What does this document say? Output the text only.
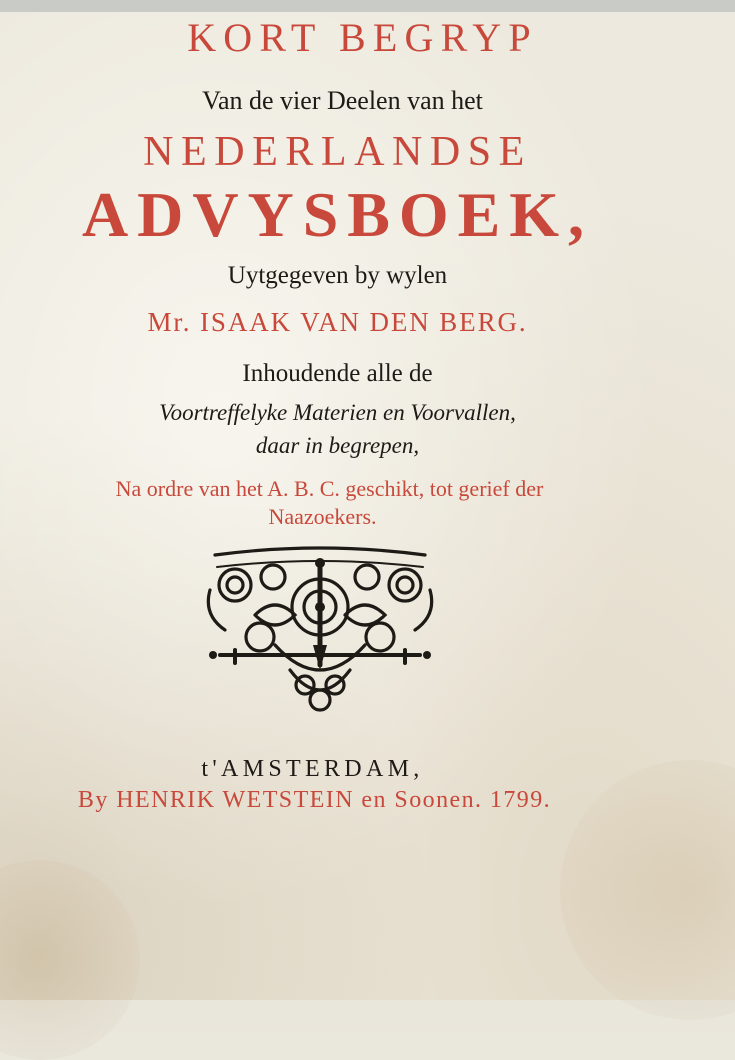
KORT BEGRYP
Van de vier Deelen van het
NEDERLANDSE
ADVYSBOEK,
Uytgegeven by wylen
Mr. ISAAK VAN DEN BERG.
Inhoudende alle de
Voortreffelyke Materien en Voorvallen,
daar in begrepen,
Na ordre van het A. B. C. geschikt, tot gerief der
Naazoekers.
t'AMSTERDAM,
By HENRIK WETSTEIN en Soonen. 1799.
